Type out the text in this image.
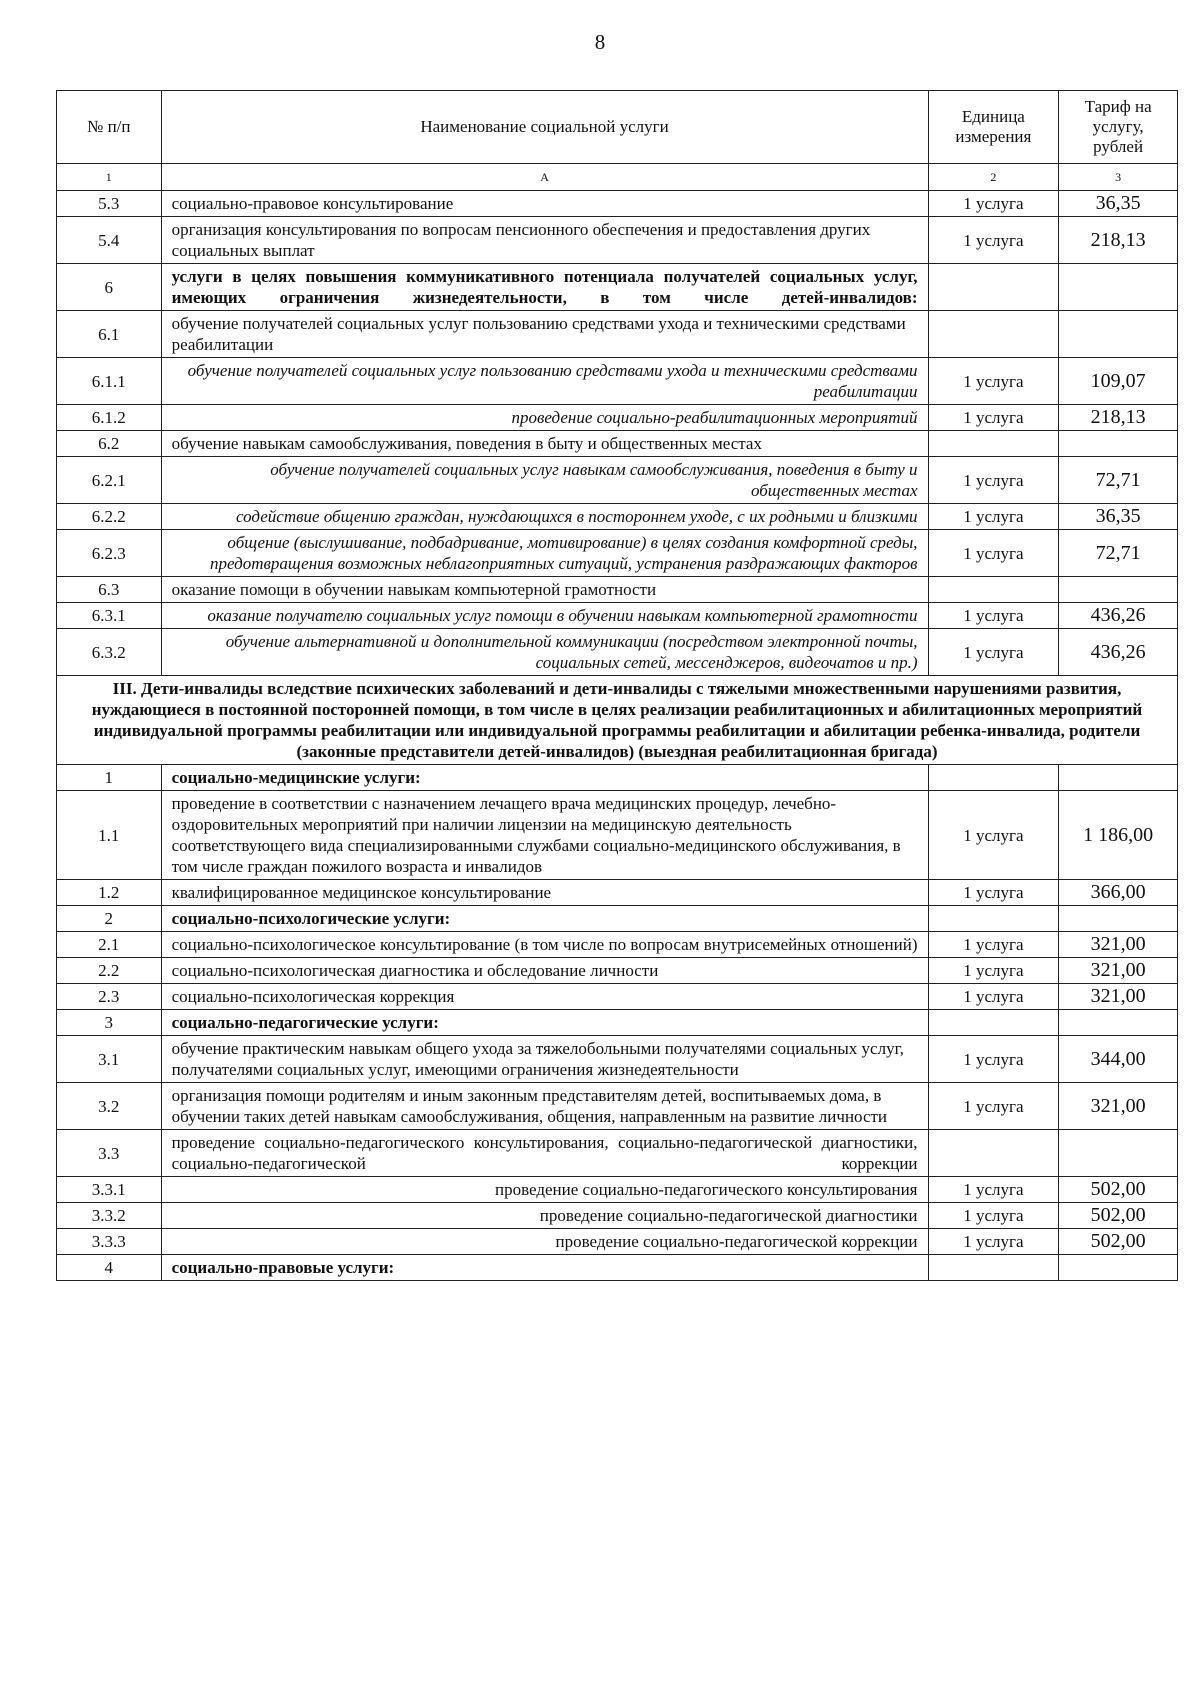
8
№ п/п	Наименование социальной услуги	Единица измерения	Тариф на услугу, рублей
1	А	2	3
5.3	социально-правовое консультирование	1 услуга	36,35
5.4	организация консультирования по вопросам пенсионного обеспечения и предоставления других социальных выплат	1 услуга	218,13
6	услуги в целях повышения коммуникативного потенциала получателей социальных услуг, имеющих ограничения жизнедеятельности, в том числе детей-инвалидов:		
6.1	обучение получателей социальных услуг пользованию средствами ухода и техническими средствами реабилитации		
6.1.1	обучение получателей социальных услуг пользованию средствами ухода и техническими средствами реабилитации	1 услуга	109,07
6.1.2	проведение социально-реабилитационных мероприятий	1 услуга	218,13
6.2	обучение навыкам самообслуживания, поведения в быту и общественных местах		
6.2.1	обучение получателей социальных услуг навыкам самообслуживания, поведения в быту и общественных местах	1 услуга	72,71
6.2.2	содействие общению граждан, нуждающихся в постороннем уходе, с их родными и близкими	1 услуга	36,35
6.2.3	общение (выслушивание, подбадривание, мотивирование) в целях создания комфортной среды, предотвращения возможных неблагоприятных ситуаций, устранения раздражающих факторов	1 услуга	72,71
6.3	оказание помощи в обучении навыкам компьютерной грамотности		
6.3.1	оказание получателю социальных услуг помощи в обучении навыкам компьютерной грамотности	1 услуга	436,26
6.3.2	обучение альтернативной и дополнительной коммуникации (посредством электронной почты, социальных сетей, мессенджеров, видеочатов и пр.)	1 услуга	436,26
III. Дети-инвалиды вследствие психических заболеваний и дети-инвалиды с тяжелыми множественными нарушениями развития, нуждающиеся в постоянной посторонней помощи, в том числе в целях реализации реабилитационных и абилитационных мероприятий индивидуальной программы реабилитации или индивидуальной программы реабилитации и абилитации ребенка-инвалида, родители (законные представители детей-инвалидов) (выездная реабилитационная бригада)			
1	социально-медицинские услуги:		
1.1	проведение в соответствии с назначением лечащего врача медицинских процедур, лечебно-оздоровительных мероприятий при наличии лицензии на медицинскую деятельность соответствующего вида специализированными службами социально-медицинского обслуживания, в том числе граждан пожилого возраста и инвалидов	1 услуга	1 186,00
1.2	квалифицированное медицинское консультирование	1 услуга	366,00
2	социально-психологические услуги:		
2.1	социально-психологическое консультирование (в том числе по вопросам внутрисемейных отношений)	1 услуга	321,00
2.2	социально-психологическая диагностика и обследование личности	1 услуга	321,00
2.3	социально-психологическая коррекция	1 услуга	321,00
3	социально-педагогические услуги:		
3.1	обучение практическим навыкам общего ухода за тяжелобольными получателями социальных услуг, получателями социальных услуг, имеющими ограничения жизнедеятельности	1 услуга	344,00
3.2	организация помощи родителям и иным законным представителям детей, воспитываемых дома, в обучении таких детей навыкам самообслуживания, общения, направленным на развитие личности	1 услуга	321,00
3.3	проведение социально-педагогического консультирования, социально-педагогической диагностики, социально-педагогической коррекции		
3.3.1	проведение социально-педагогического консультирования	1 услуга	502,00
3.3.2	проведение социально-педагогической диагностики	1 услуга	502,00
3.3.3	проведение социально-педагогической коррекции	1 услуга	502,00
4	социально-правовые услуги:		
